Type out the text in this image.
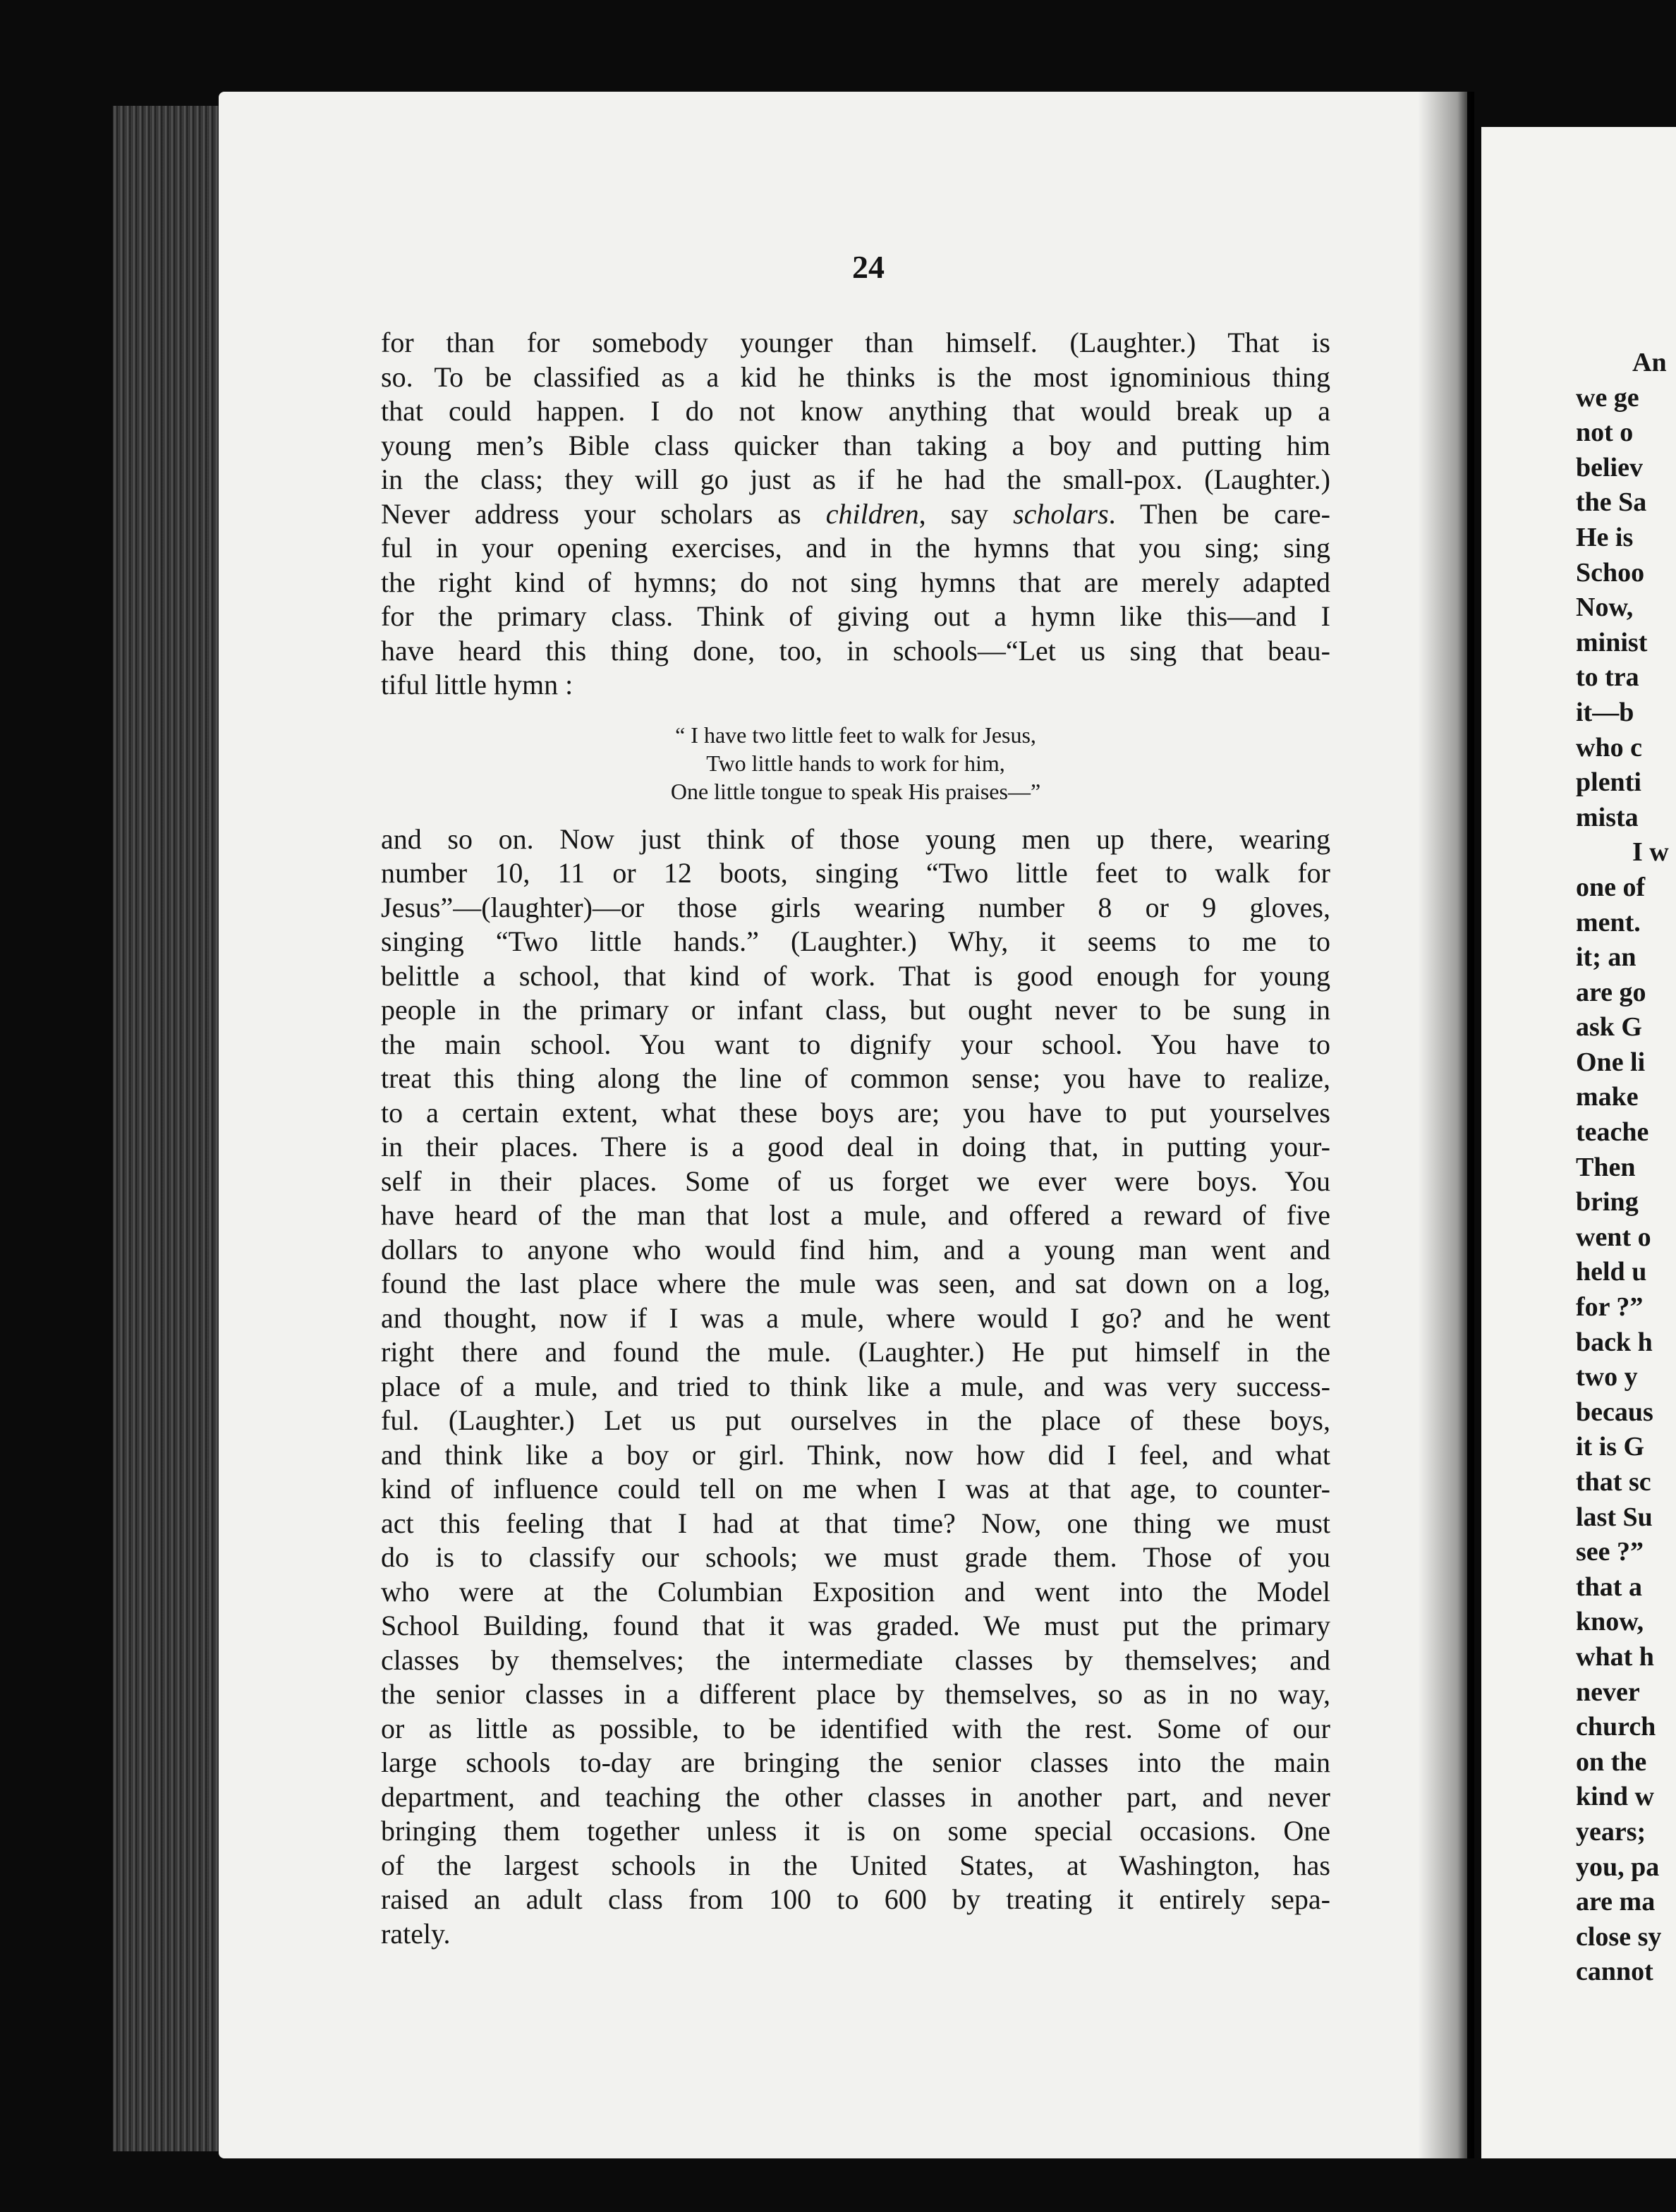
24
for than for somebody younger than himself. (Laughter.) That is
so. To be classified as a kid he thinks is the most ignominious thing
that could happen. I do not know anything that would break up a
young men’s Bible class quicker than taking a boy and putting him
in the class; they will go just as if he had the small-pox. (Laughter.)
Never address your scholars as children, say scholars. Then be care-
ful in your opening exercises, and in the hymns that you sing; sing
the right kind of hymns; do not sing hymns that are merely adapted
for the primary class. Think of giving out a hymn like this—and I
have heard this thing done, too, in schools—“Let us sing that beau-
tiful little hymn :
“ I have two little feet to walk for Jesus,
Two little hands to work for him,
One little tongue to speak His praises—”
and so on. Now just think of those young men up there, wearing
number 10, 11 or 12 boots, singing “Two little feet to walk for
Jesus”—(laughter)—or those girls wearing number 8 or 9 gloves,
singing “Two little hands.” (Laughter.) Why, it seems to me to
belittle a school, that kind of work. That is good enough for young
people in the primary or infant class, but ought never to be sung in
the main school. You want to dignify your school. You have to
treat this thing along the line of common sense; you have to realize,
to a certain extent, what these boys are; you have to put yourselves
in their places. There is a good deal in doing that, in putting your-
self in their places. Some of us forget we ever were boys. You
have heard of the man that lost a mule, and offered a reward of five
dollars to anyone who would find him, and a young man went and
found the last place where the mule was seen, and sat down on a log,
and thought, now if I was a mule, where would I go? and he went
right there and found the mule. (Laughter.) He put himself in the
place of a mule, and tried to think like a mule, and was very success-
ful. (Laughter.) Let us put ourselves in the place of these boys,
and think like a boy or girl. Think, now how did I feel, and what
kind of influence could tell on me when I was at that age, to counter-
act this feeling that I had at that time? Now, one thing we must
do is to classify our schools; we must grade them. Those of you
who were at the Columbian Exposition and went into the Model
School Building, found that it was graded. We must put the primary
classes by themselves; the intermediate classes by themselves; and
the senior classes in a different place by themselves, so as in no way,
or as little as possible, to be identified with the rest. Some of our
large schools to-day are bringing the senior classes into the main
department, and teaching the other classes in another part, and never
bringing them together unless it is on some special occasions. One
of the largest schools in the United States, at Washington, has
raised an adult class from 100 to 600 by treating it entirely sepa-
rately.
An
we ge
not o
believ
the Sa
He is
Schoo
Now,
minist
to tra
it—b
who c
plenti
mista
I w
one of
ment.
it; an
are go
ask G
One li
make
teache
Then
bring
went o
held u
for ?”
back h
two y
becaus
it is G
that sc
last Su
see ?”
that a
know,
what h
never
church
on the
kind w
years;
you, pa
are ma
close sy
cannot
